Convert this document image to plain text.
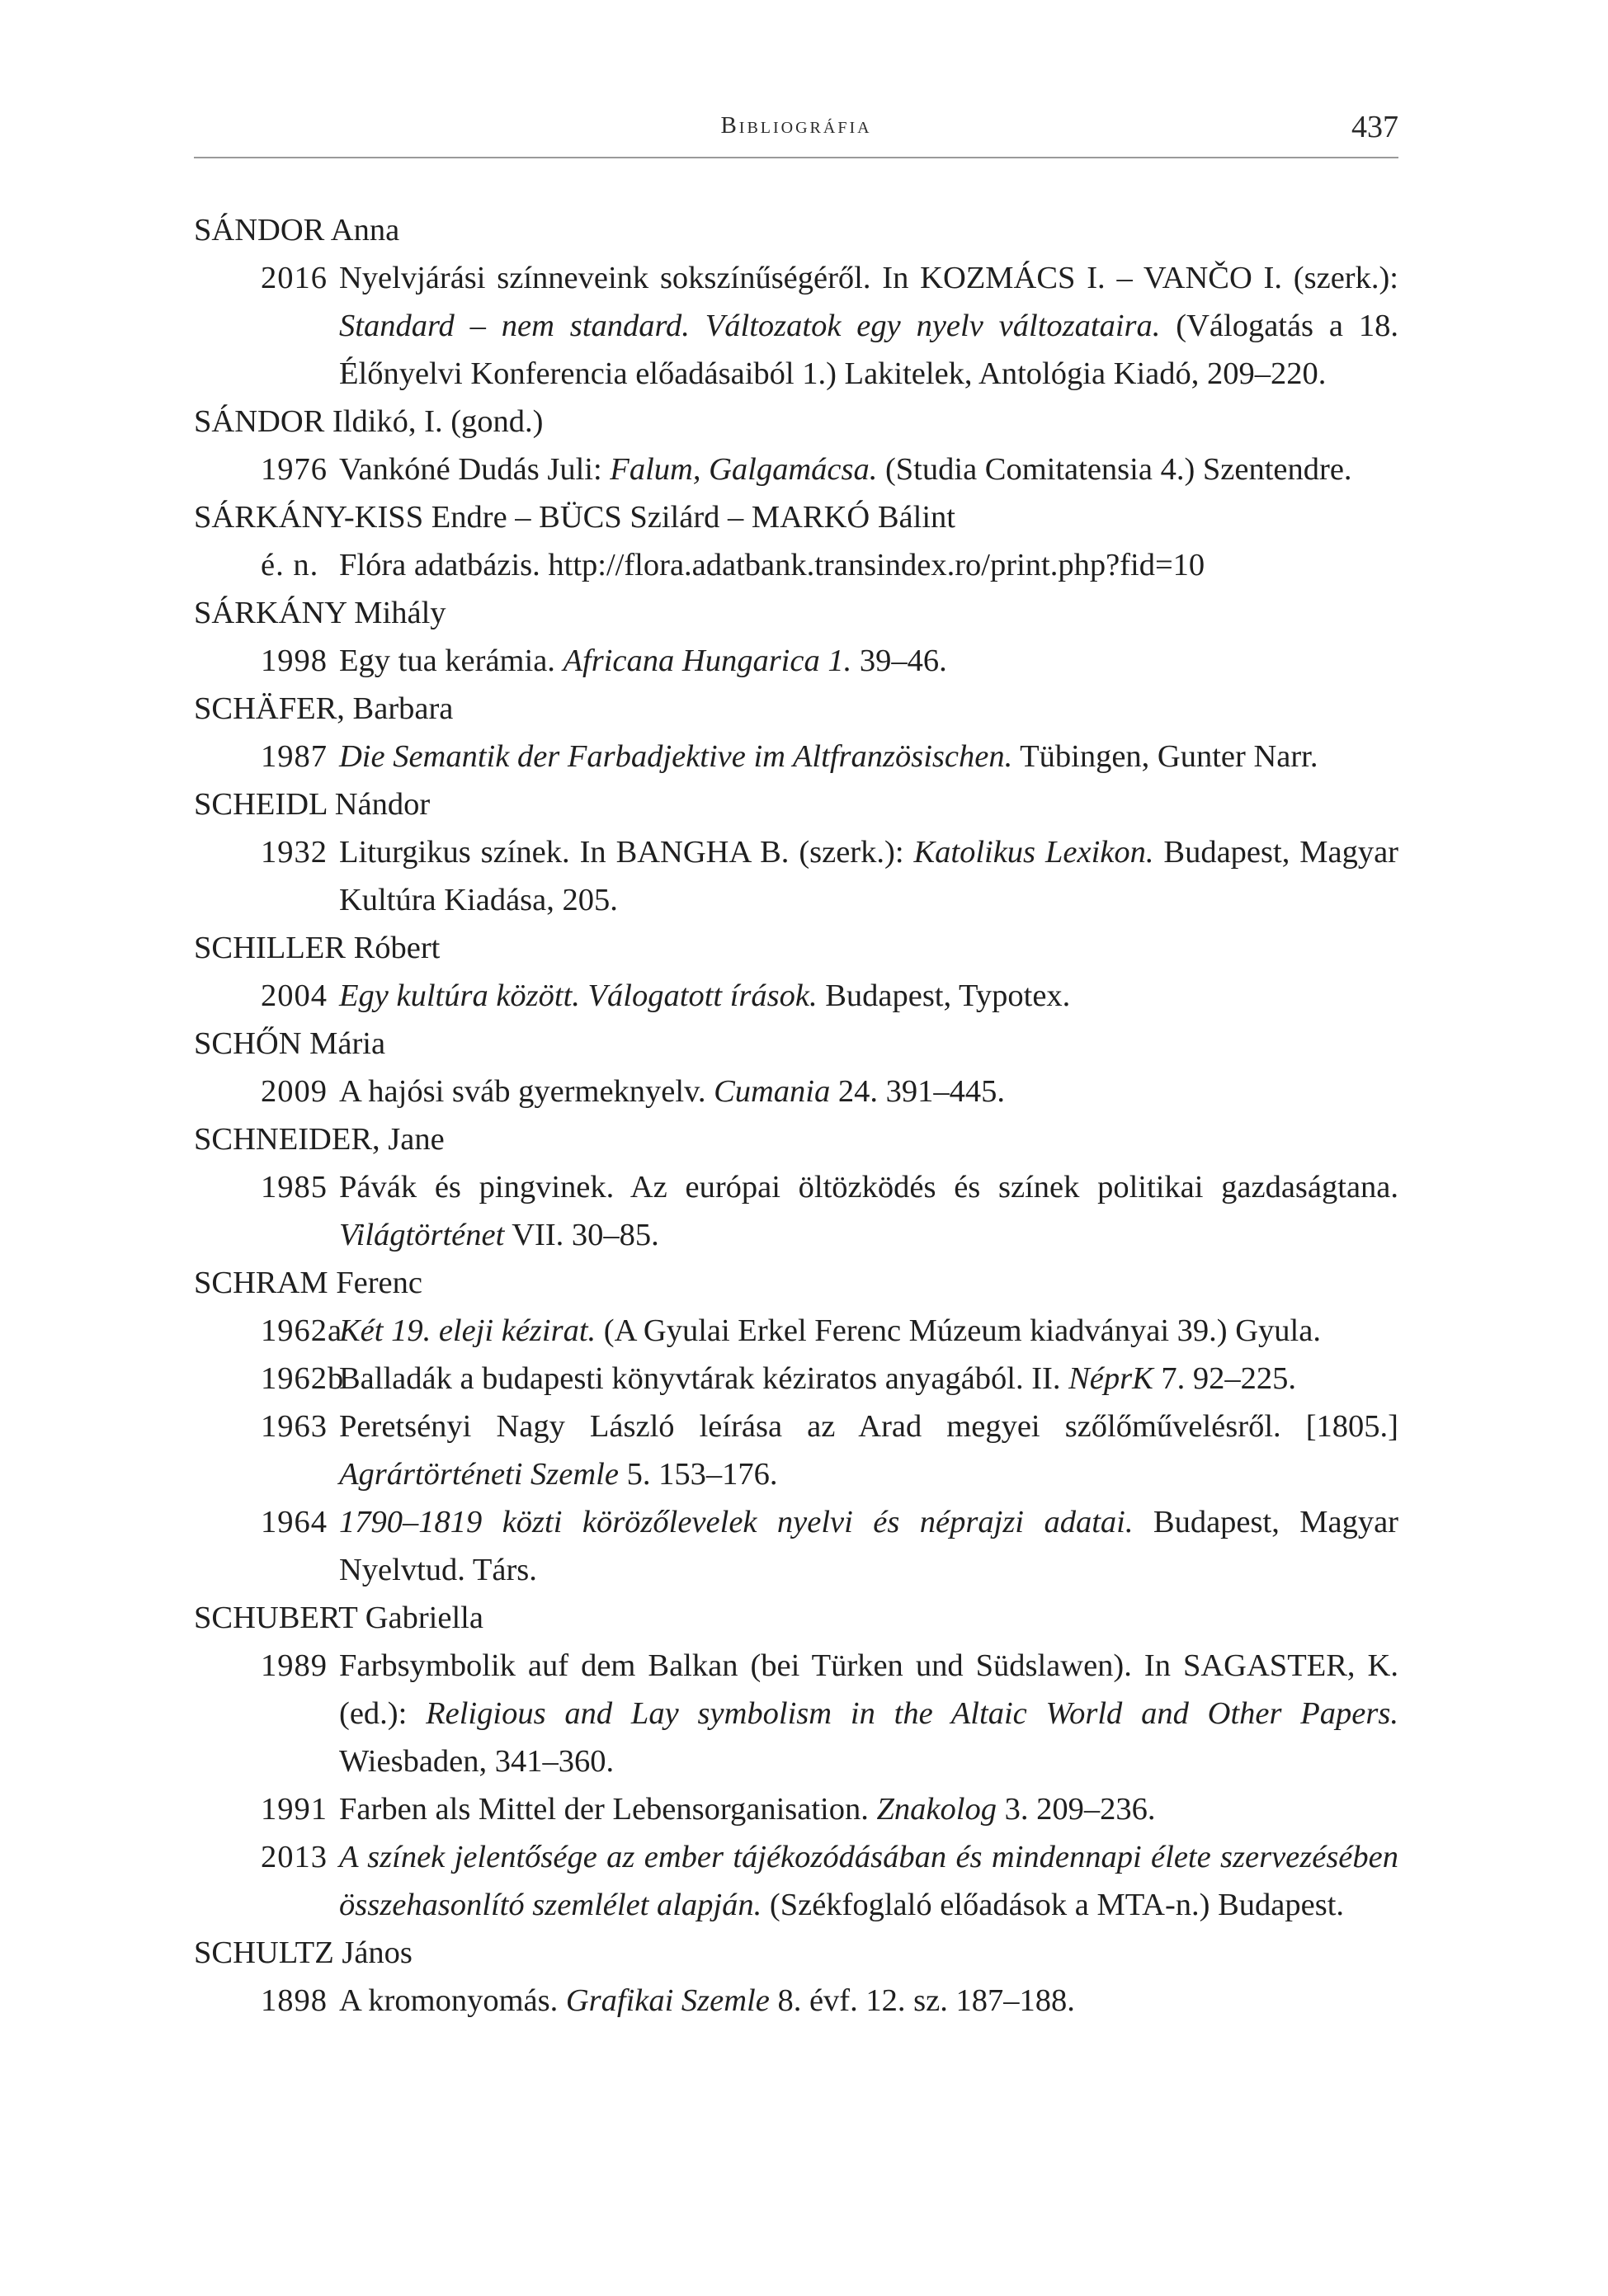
Bibliográfia	437
SÁNDOR Anna
2016 Nyelvjárási színneveink sokszínűségéről. In KOZMÁCS I. – VANČO I. (szerk.): Standard – nem standard. Változatok egy nyelv változataira. (Válogatás a 18. Élőnyelvi Konferencia előadásaiból 1.) Lakitelek, Antológia Kiadó, 209–220.
SÁNDOR Ildikó, I. (gond.)
1976 Vankóné Dudás Juli: Falum, Galgamácsa. (Studia Comitatensia 4.) Szentendre.
SÁRKÁNY-KISS Endre – BÜCS Szilárd – MARKÓ Bálint
é. n. Flóra adatbázis. http://flora.adatbank.transindex.ro/print.php?fid=10
SÁRKÁNY Mihály
1998 Egy tua kerámia. Africana Hungarica 1. 39–46.
SCHÄFER, Barbara
1987 Die Semantik der Farbadjektive im Altfranzösischen. Tübingen, Gunter Narr.
SCHEIDL Nándor
1932 Liturgikus színek. In BANGHA B. (szerk.): Katolikus Lexikon. Budapest, Magyar Kultúra Kiadása, 205.
SCHILLER Róbert
2004 Egy kultúra között. Válogatott írások. Budapest, Typotex.
SCHŐN Mária
2009 A hajósi sváb gyermeknyelv. Cumania 24. 391–445.
SCHNEIDER, Jane
1985 Pávák és pingvinek. Az európai öltözködés és színek politikai gazdaságtana. Világtörténet VII. 30–85.
SCHRAM Ferenc
1962a
Két 19. eleji kézirat. (A Gyulai Erkel Ferenc Múzeum kiadványai 39.) Gyula.
1962b
Balladák a budapesti könyvtárak kéziratos anyagából. II. NéprK 7. 92–225.
1963 Peretsényi Nagy László leírása az Arad megyei szőlőművelésről. [1805.] Agrártörténeti Szemle 5. 153–176.
1964 1790–1819 közti körözőlevelek nyelvi és néprajzi adatai. Budapest, Magyar Nyelvtud. Társ.
SCHUBERT Gabriella
1989 Farbsymbolik auf dem Balkan (bei Türken und Südslawen). In SAGASTER, K. (ed.): Religious and Lay symbolism in the Altaic World and Other Papers. Wiesbaden, 341–360.
1991 Farben als Mittel der Lebensorganisation. Znakolog 3. 209–236.
2013 A színek jelentősége az ember tájékozódásában és mindennapi élete szervezésében összehasonlító szemlélet alapján. (Székfoglaló előadások a MTA-n.) Budapest.
SCHULTZ János
1898 A kromonyomás. Grafikai Szemle 8. évf. 12. sz. 187–188.
